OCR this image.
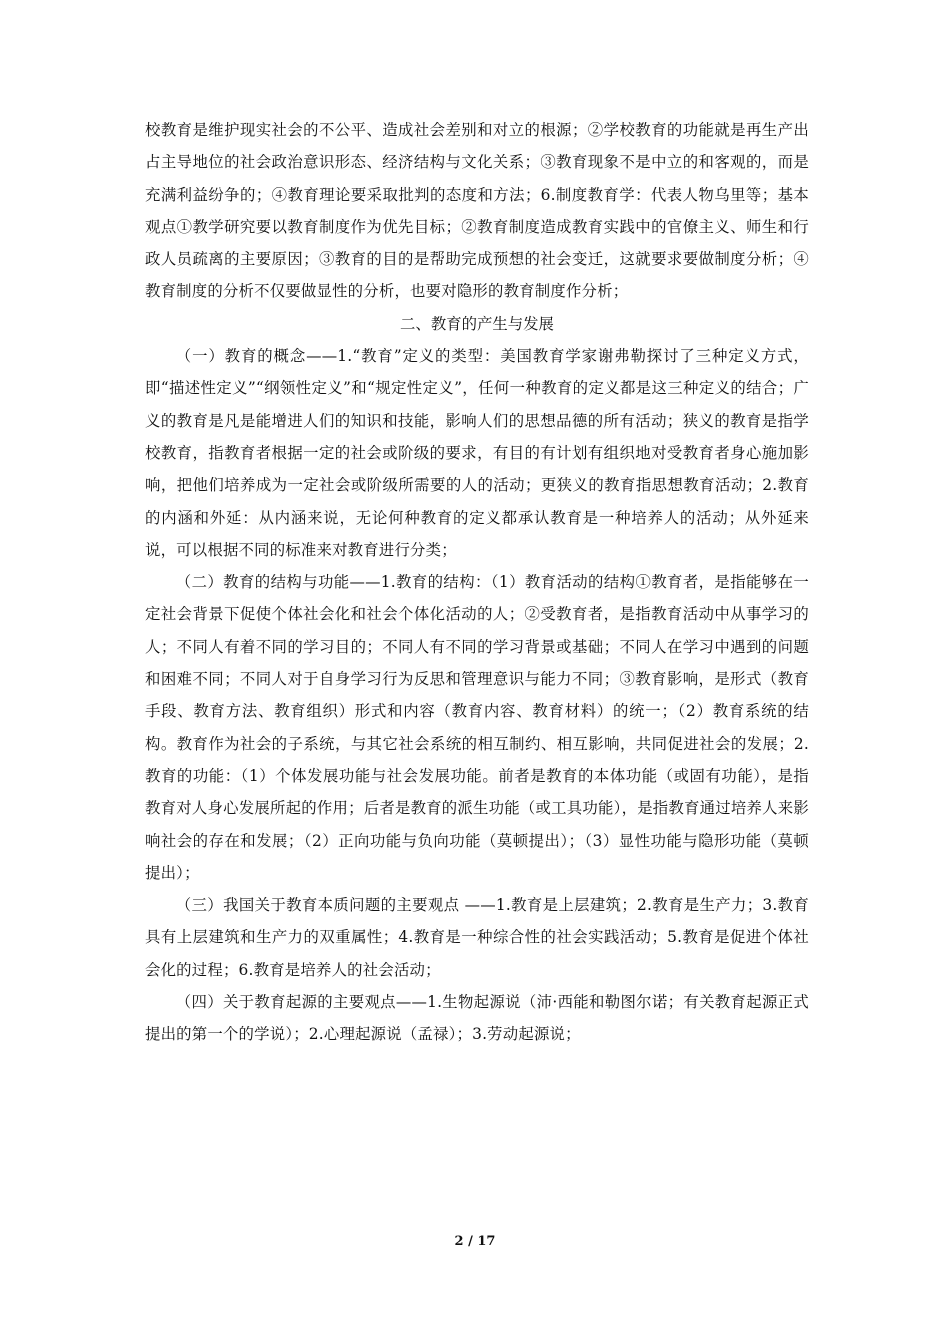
校教育是维护现实社会的不公平、造成社会差别和对立的根源；②学校教育的功能就是再生产出占主导地位的社会政治意识形态、经济结构与文化关系；③教育现象不是中立的和客观的，而是充满利益纷争的；④教育理论要采取批判的态度和方法；6.制度教育学：代表人物乌里等；基本观点①教学研究要以教育制度作为优先目标；②教育制度造成教育实践中的官僚主义、师生和行政人员疏离的主要原因；③教育的目的是帮助完成预想的社会变迁，这就要求要做制度分析；④教育制度的分析不仅要做显性的分析，也要对隐形的教育制度作分析；

二、教育的产生与发展

（一）教育的概念——1.“教育”定义的类型：美国教育学家谢弗勒探讨了三种定义方式，即“描述性定义”“纲领性定义”和“规定性定义”，任何一种教育的定义都是这三种定义的结合；广义的教育是凡是能增进人们的知识和技能，影响人们的思想品德的所有活动；狭义的教育是指学校教育，指教育者根据一定的社会或阶级的要求，有目的有计划有组织地对受教育者身心施加影响，把他们培养成为一定社会或阶级所需要的人的活动；更狭义的教育指思想教育活动；2.教育的内涵和外延：从内涵来说，无论何种教育的定义都承认教育是一种培养人的活动；从外延来说，可以根据不同的标准来对教育进行分类；

（二）教育的结构与功能——1.教育的结构：（1）教育活动的结构①教育者，是指能够在一定社会背景下促使个体社会化和社会个体化活动的人；②受教育者，是指教育活动中从事学习的人；不同人有着不同的学习目的；不同人有不同的学习背景或基础；不同人在学习中遇到的问题和困难不同；不同人对于自身学习行为反思和管理意识与能力不同；③教育影响，是形式（教育手段、教育方法、教育组织）形式和内容（教育内容、教育材料）的统一；（2）教育系统的结构。教育作为社会的子系统，与其它社会系统的相互制约、相互影响，共同促进社会的发展；2.教育的功能：（1）个体发展功能与社会发展功能。前者是教育的本体功能（或固有功能），是指教育对人身心发展所起的作用；后者是教育的派生功能（或工具功能），是指教育通过培养人来影响社会的存在和发展；（2）正向功能与负向功能（莫顿提出）；（3）显性功能与隐形功能（莫顿提出）；

（三）我国关于教育本质问题的主要观点 ——1.教育是上层建筑；2.教育是生产力；3.教育具有上层建筑和生产力的双重属性；4.教育是一种综合性的社会实践活动；5.教育是促进个体社会化的过程；6.教育是培养人的社会活动；

（四）关于教育起源的主要观点——1.生物起源说（沛·西能和勒图尔诺；有关教育起源正式提出的第一个的学说）；2.心理起源说（孟禄）；3.劳动起源说；

2 / 17
